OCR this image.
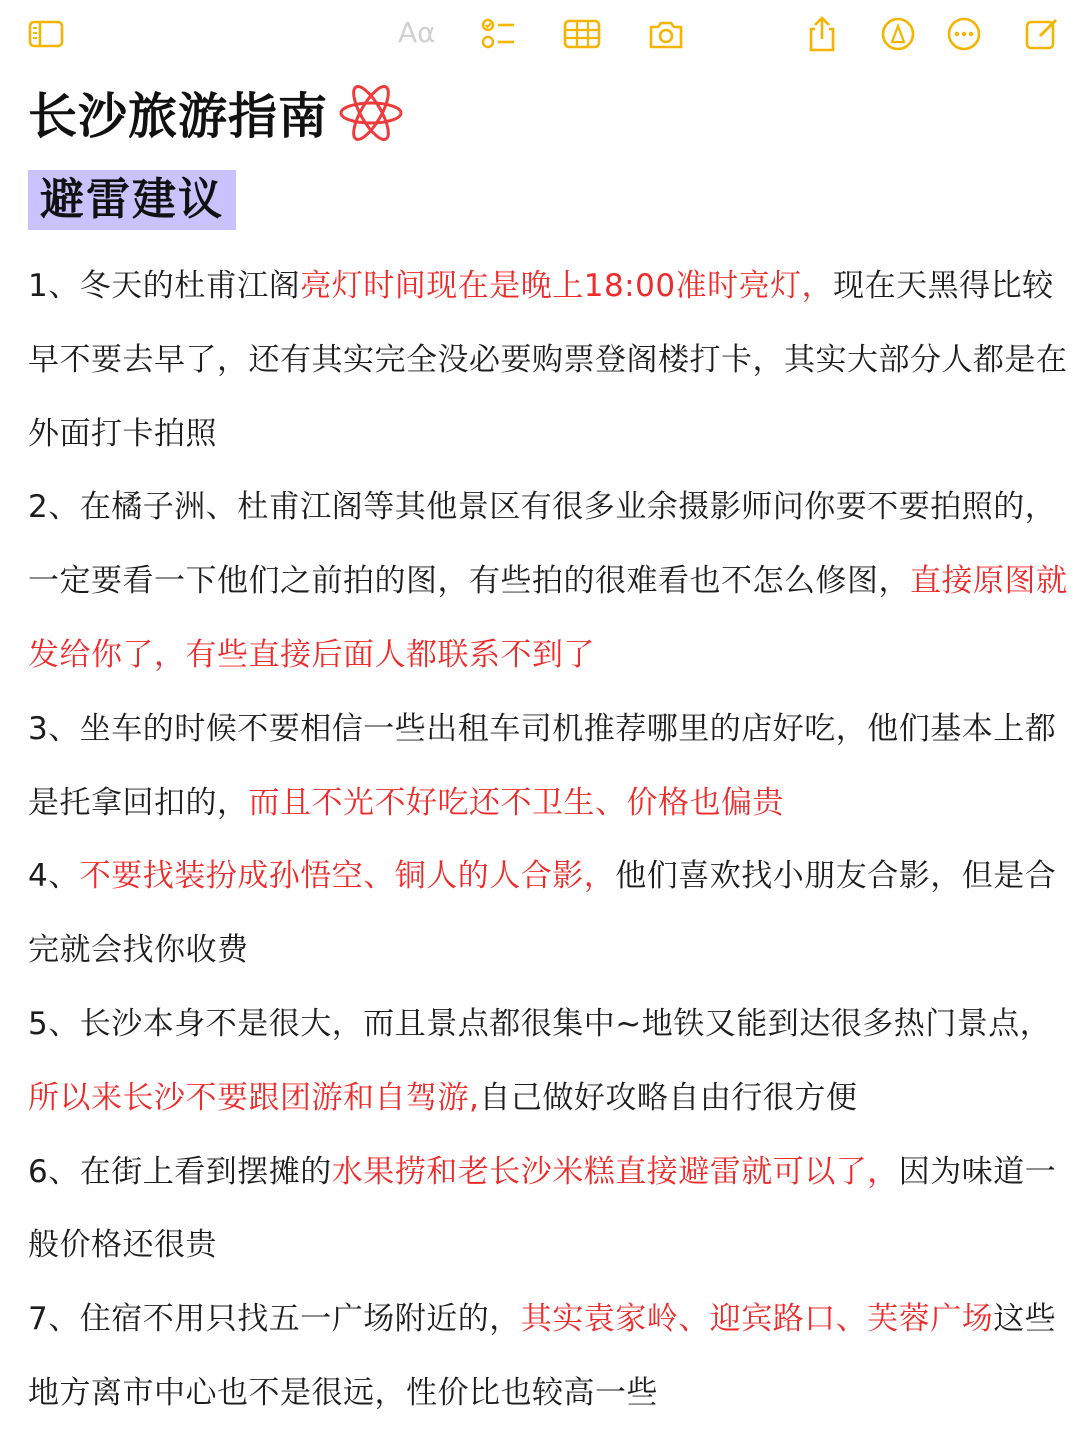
Aα
长沙旅游指南
避雷建议
1、冬天的杜甫江阁亮灯时间现在是晚上18:00准时亮灯，现在天黑得比较早不要去早了，还有其实完全没必要购票登阁楼打卡，其实大部分人都是在外面打卡拍照
2、在橘子洲、杜甫江阁等其他景区有很多业余摄影师问你要不要拍照的，一定要看一下他们之前拍的图，有些拍的很难看也不怎么修图，直接原图就发给你了，有些直接后面人都联系不到了
3、坐车的时候不要相信一些出租车司机推荐哪里的店好吃，他们基本上都是托拿回扣的，而且不光不好吃还不卫生、价格也偏贵
4、不要找装扮成孙悟空、铜人的人合影，他们喜欢找小朋友合影，但是合完就会找你收费
5、长沙本身不是很大，而且景点都很集中~地铁又能到达很多热门景点，所以来长沙不要跟团游和自驾游,自己做好攻略自由行很方便
6、在街上看到摆摊的水果捞和老长沙米糕直接避雷就可以了，因为味道一般价格还很贵
7、住宿不用只找五一广场附近的，其实袁家岭、迎宾路口、芙蓉广场这些地方离市中心也不是很远，性价比也较高一些
